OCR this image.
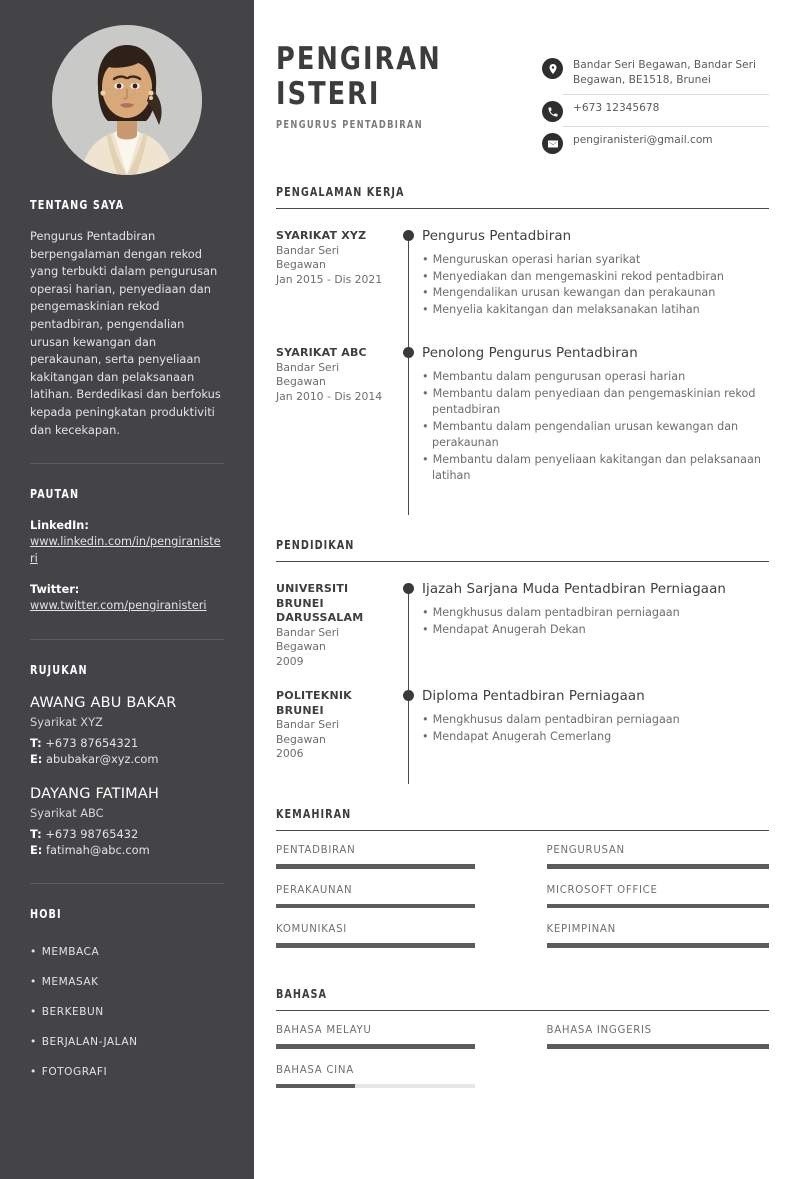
TENTANG SAYA
Pengurus Pentadbiran berpengalaman dengan rekod yang terbukti dalam pengurusan operasi harian, penyediaan dan pengemaskinian rekod pentadbiran, pengendalian urusan kewangan dan perakaunan, serta penyeliaan kakitangan dan pelaksanaan latihan. Berdedikasi dan berfokus kepada peningkatan produktiviti dan kecekapan.
PAUTAN
LinkedIn:
www.linkedin.com/in/pengiranisteri
Twitter:
www.twitter.com/pengiranisteri
RUJUKAN
AWANG ABU BAKAR
Syarikat XYZ
T: +673 87654321
E: abubakar@xyz.com
DAYANG FATIMAH
Syarikat ABC
T: +673 98765432
E: fatimah@abc.com
HOBI
• MEMBACA
• MEMASAK
• BERKEBUN
• BERJALAN-JALAN
• FOTOGRAFI
PENGIRAN
ISTERI
PENGURUS PENTADBIRAN
Bandar Seri Begawan, Bandar Seri Begawan, BE1518, Brunei
+673 12345678
pengiranisteri@gmail.com
PENGALAMAN KERJA
SYARIKAT XYZ
Bandar Seri Begawan
Jan 2015 - Dis 2021
Pengurus Pentadbiran
• Menguruskan operasi harian syarikat
• Menyediakan dan mengemaskini rekod pentadbiran
• Mengendalikan urusan kewangan dan perakaunan
• Menyelia kakitangan dan melaksanakan latihan
SYARIKAT ABC
Bandar Seri Begawan
Jan 2010 - Dis 2014
Penolong Pengurus Pentadbiran
• Membantu dalam pengurusan operasi harian
• Membantu dalam penyediaan dan pengemaskinian rekod pentadbiran
• Membantu dalam pengendalian urusan kewangan dan perakaunan
• Membantu dalam penyeliaan kakitangan dan pelaksanaan latihan
PENDIDIKAN
UNIVERSITI BRUNEI DARUSSALAM
Bandar Seri Begawan
2009
Ijazah Sarjana Muda Pentadbiran Perniagaan
• Mengkhusus dalam pentadbiran perniagaan
• Mendapat Anugerah Dekan
POLITEKNIK BRUNEI
Bandar Seri Begawan
2006
Diploma Pentadbiran Perniagaan
• Mengkhusus dalam pentadbiran perniagaan
• Mendapat Anugerah Cemerlang
KEMAHIRAN
PENTADBIRAN	PENGURUSAN
PERAKAUNAN	MICROSOFT OFFICE
KOMUNIKASI	KEPIMPINAN
BAHASA
BAHASA MELAYU	BAHASA INGGERIS
BAHASA CINA
